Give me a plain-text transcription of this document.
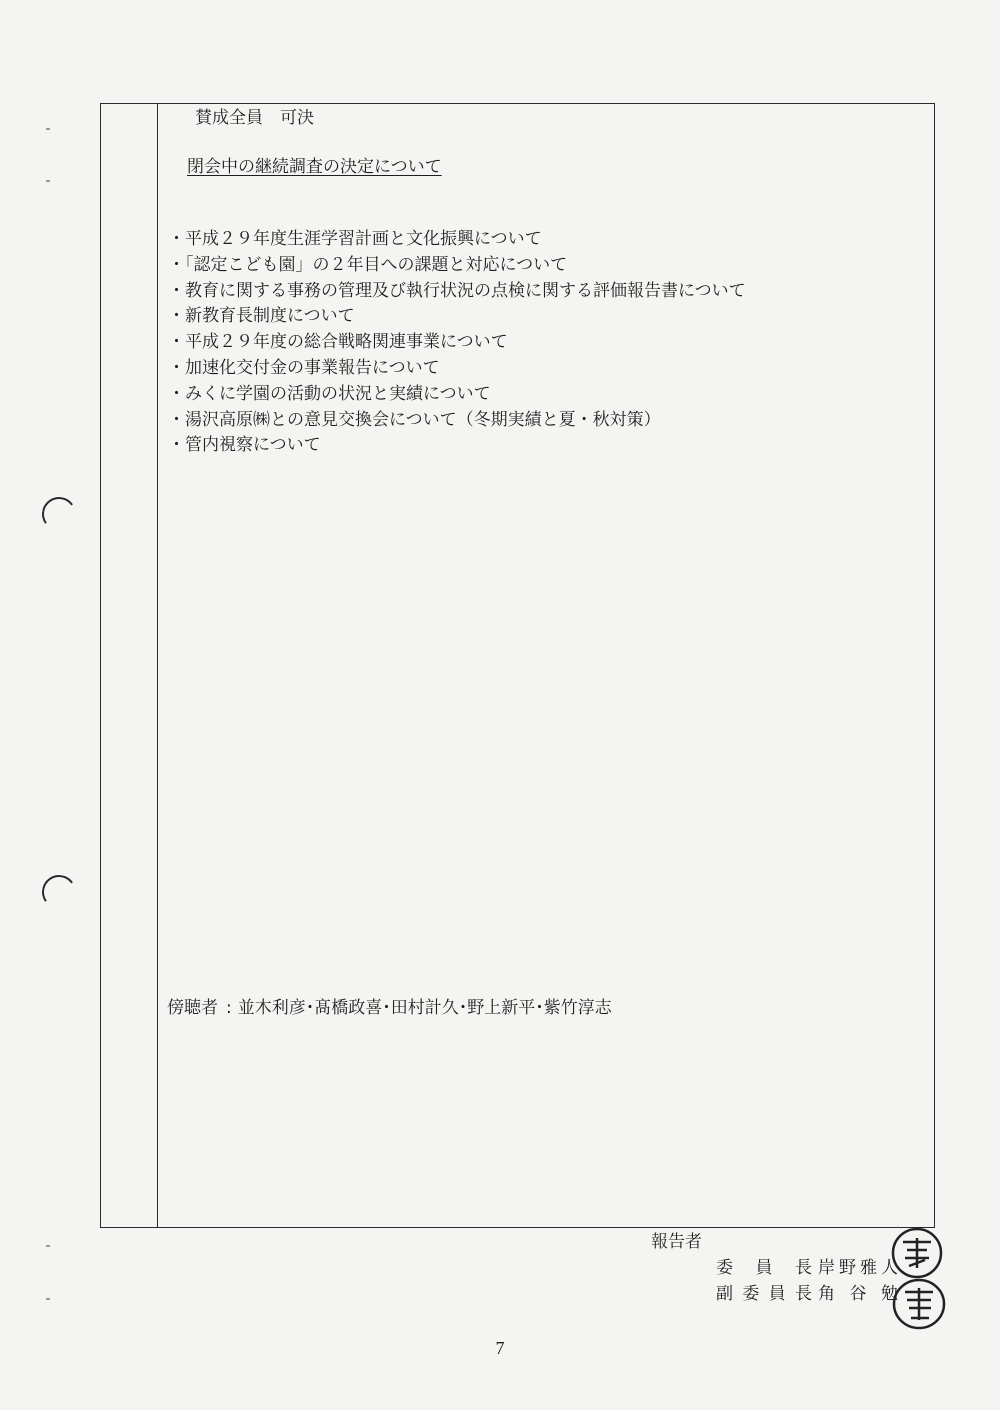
賛成全員　可決
閉会中の継続調査の決定について
・ 平成２９年度生涯学習計画と文化振興について
・ 「認定こども園」の２年目への課題と対応について
・ 教育に関する事務の管理及び執行状況の点検に関する評価報告書について
・ 新教育長制度について
・ 平成２９年度の総合戦略関連事業について
・ 加速化交付金の事業報告について
・ みくに学園の活動の状況と実績について
・ 湯沢高原㈱との意見交換会について（冬期実績と夏・秋対策）
・ 管内視察について
傍聴者 : 並木利彦･髙橋政喜･田村計久･野上新平･紫竹淳志
報告者
委員長 岸野雅人
副委員長 角谷勉
7
